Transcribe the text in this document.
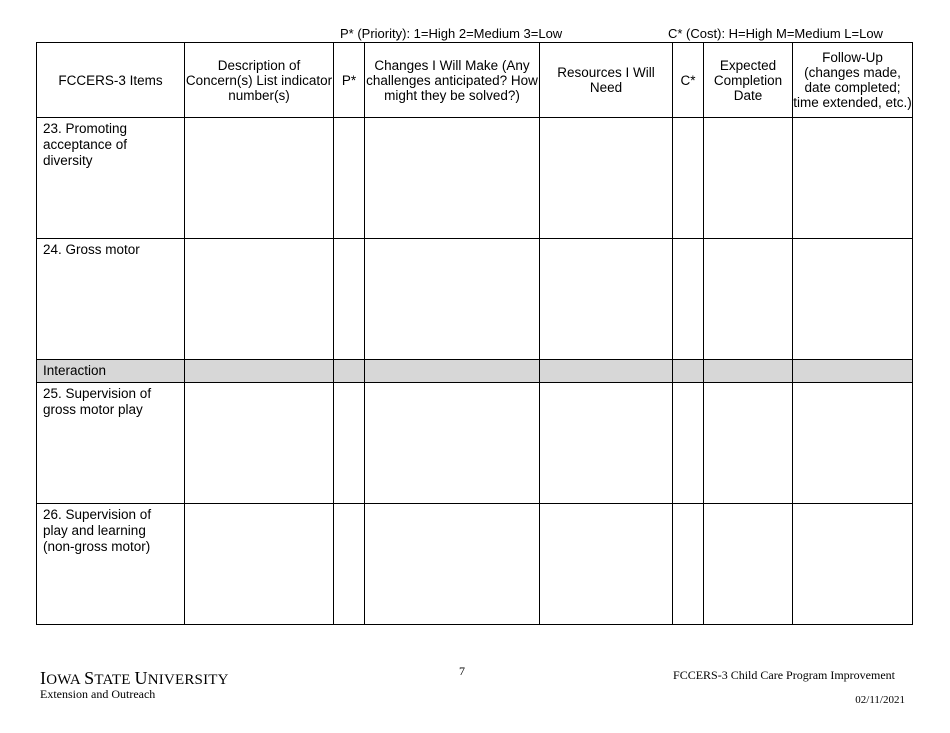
P* (Priority): 1=High 2=Medium 3=Low	C* (Cost): H=High M=Medium L=Low
FCCERS-3 Items	Description of Concern(s) List indicator number(s)	P*	Changes I Will Make (Any challenges anticipated? How might they be solved?)	Resources I Will Need	C*	Expected Completion Date	Follow-Up (changes made, date completed; time extended, etc.)
23. Promoting acceptance of diversity							
24. Gross motor							
Interaction							
25. Supervision of gross motor play							
26. Supervision of play and learning (non-gross motor)							
IOWA STATE UNIVERSITY
Extension and Outreach
7	FCCERS-3 Child Care Program Improvement
02/11/2021
